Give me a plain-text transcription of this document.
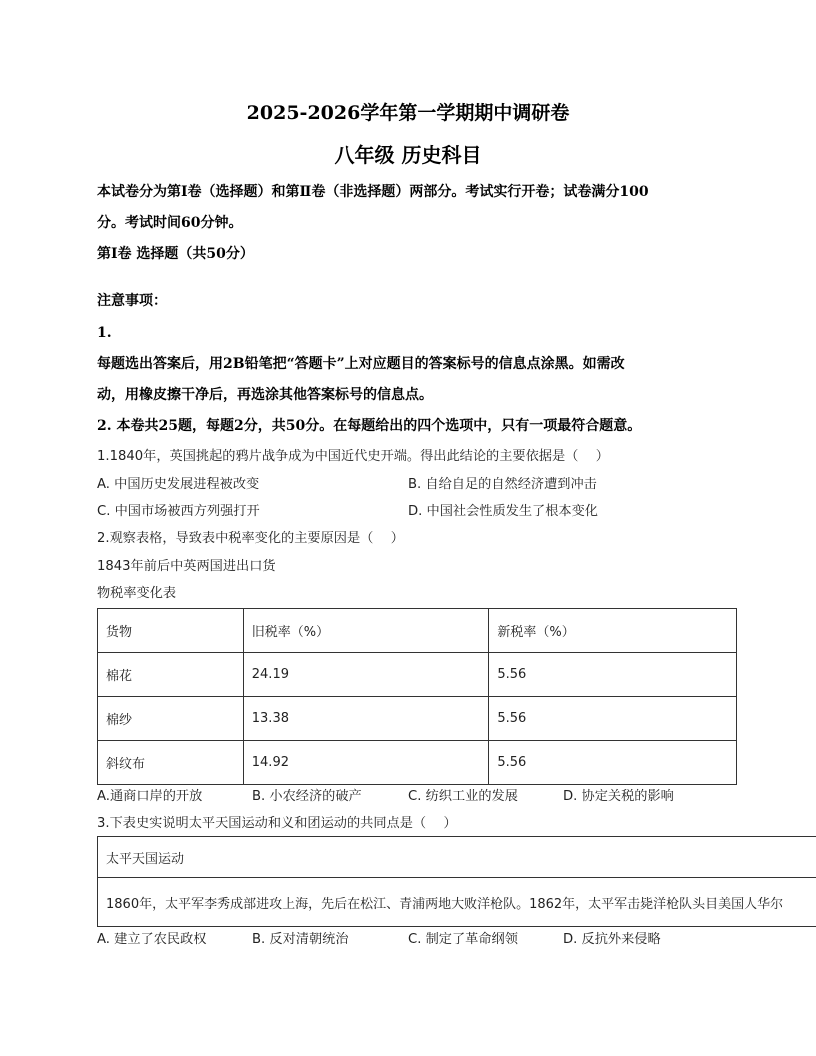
2025-2026学年第一学期期中调研卷
八年级 历史科目
本试卷分为第Ⅰ卷（选择题）和第Ⅱ卷（非选择题）两部分。考试实行开卷；试卷满分100
分。考试时间60分钟。
第Ⅰ卷 选择题（共50分）
注意事项：
1.
每题选出答案后，用2B铅笔把“答题卡”上对应题目的答案标号的信息点涂黑。如需改
动，用橡皮擦干净后，再选涂其他答案标号的信息点。
2. 本卷共25题，每题2分，共50分。在每题给出的四个选项中，只有一项最符合题意。
1.1840年，英国挑起的鸦片战争成为中国近代史开端。得出此结论的主要依据是（　 ）
A. 中国历史发展进程被改变	B. 自给自足的自然经济遭到冲击
C. 中国市场被西方列强打开	D. 中国社会性质发生了根本变化
2.观察表格，导致表中税率变化的主要原因是（　 ）
1843年前后中英两国进出口货
物税率变化表
货物	旧税率（%）	新税率（%）
棉花	24.19	5.56
棉纱	13.38	5.56
斜纹布	14.92	5.56
A.通商口岸的开放	B. 小农经济的破产	C. 纺织工业的发展	D. 协定关税的影响
3.下表史实说明太平天国运动和义和团运动的共同点是（　 ）
太平天国运动
1860年，太平军李秀成部进攻上海，先后在松江、青浦两地大败洋枪队。1862年，太平军击毙洋枪队头目美国人华尔
A. 建立了农民政权	B. 反对清朝统治	C. 制定了革命纲领	D. 反抗外来侵略
